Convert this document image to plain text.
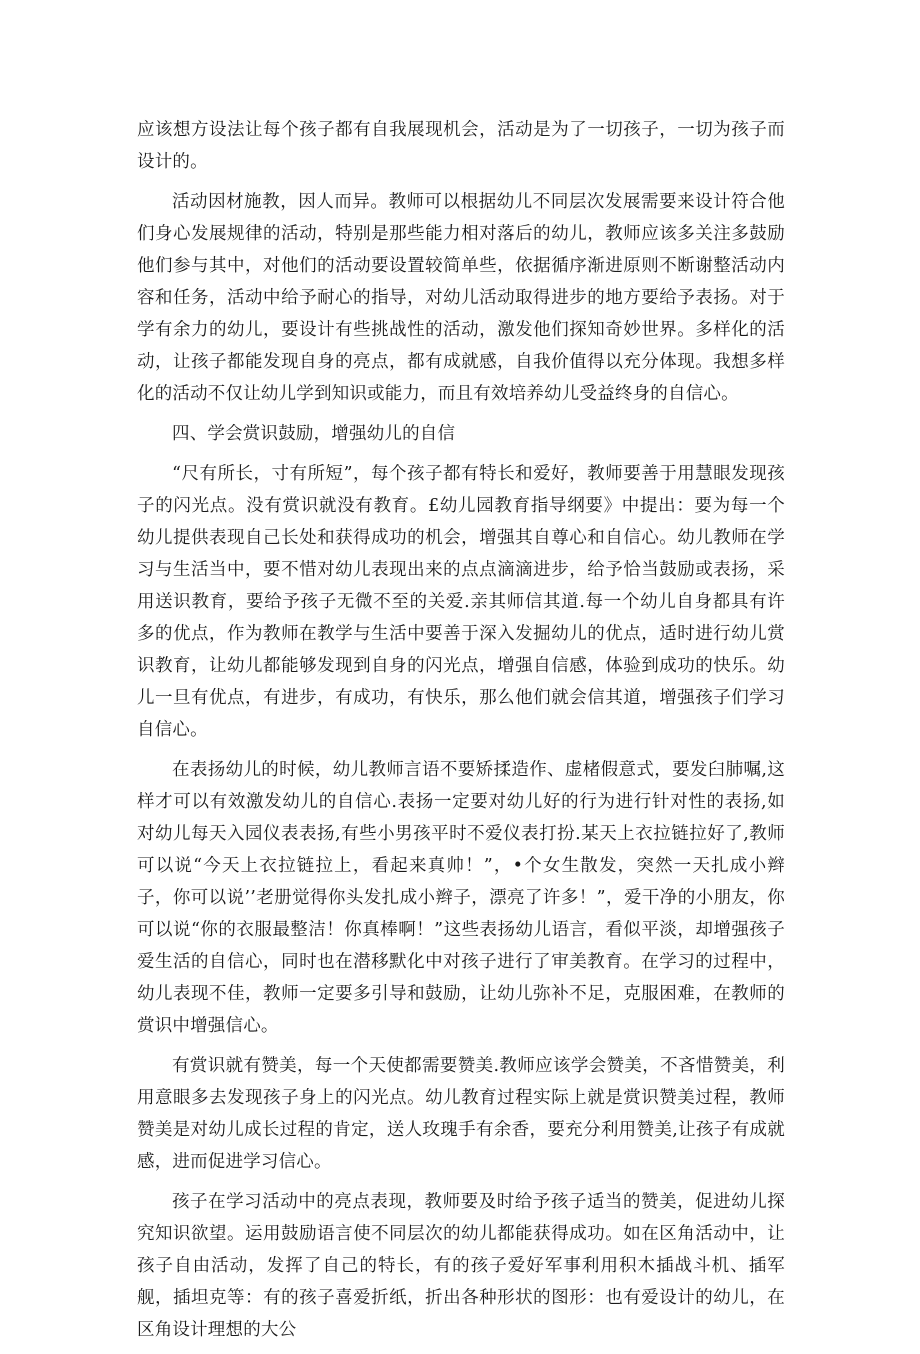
应该想方设法让每个孩子都有自我展现机会，活动是为了一切孩子，一切为孩子而设计的。

活动因材施教，因人而异。教师可以根据幼儿不同层次发展需要来设计符合他们身心发展规律的活动，特别是那些能力相对落后的幼儿，教师应该多关注多鼓励他们参与其中，对他们的活动要设置较简单些，依据循序渐进原则不断谢整活动内容和任务，活动中给予耐心的指导，对幼儿活动取得进步的地方要给予表扬。对于学有余力的幼儿，要设计有些挑战性的活动，激发他们探知奇妙世界。多样化的活动，让孩子都能发现自身的亮点，都有成就感，自我价值得以充分体现。我想多样化的活动不仅让幼儿学到知识或能力，而且有效培养幼儿受益终身的自信心。

四、学会赏识鼓励，增强幼儿的自信

“尺有所长，寸有所短”，每个孩子都有特长和爱好，教师要善于用慧眼发现孩子的闪光点。没有赏识就没有教育。£幼儿园教育指导纲要》中提出：要为每一个幼儿提供表现自己长处和获得成功的机会，增强其自尊心和自信心。幼儿教师在学习与生活当中，要不惜对幼儿表现出来的点点滴滴进步，给予恰当鼓励或表扬，采用送识教育，要给予孩子无微不至的关爱.亲其师信其道.每一个幼儿自身都具有许多的优点，作为教师在教学与生活中要善于深入发掘幼儿的优点，适时进行幼儿赏识教育，让幼儿都能够发现到自身的闪光点，增强自信感，体验到成功的快乐。幼儿一旦有优点，有进步，有成功，有快乐，那么他们就会信其道，增强孩子们学习自信心。

在表扬幼儿的时候，幼儿教师言语不要矫揉造作、虚楮假意式，要发臼肺嘱,这样才可以有效激发幼儿的自信心.表扬一定要对幼儿好的行为进行针对性的表扬,如对幼儿每天入园仪表表扬,有些小男孩平时不爱仪表打扮.某天上衣拉链拉好了,教师可以说“今天上衣拉链拉上，看起来真帅！”，•个女生散发，突然一天扎成小辫子，你可以说’’老册觉得你头发扎成小辫子，漂亮了许多！”，爱干净的小朋友，你可以说“你的衣服最整洁！你真棒啊！”这些表扬幼儿语言，看似平淡，却增强孩子爱生活的自信心，同时也在潜移默化中对孩子进行了审美教育。在学习的过程中，幼儿表现不佳，教师一定要多引导和鼓励，让幼儿弥补不足，克服困难，在教师的赏识中增强信心。

有赏识就有赞美，每一个天使都需要赞美.教师应该学会赞美，不吝惜赞美，利用意眼多去发现孩子身上的闪光点。幼儿教育过程实际上就是赏识赞美过程，教师赞美是对幼儿成长过程的肯定，送人玫瑰手有余香，要充分利用赞美,让孩子有成就感，进而促进学习信心。

孩子在学习活动中的亮点表现，教师要及时给予孩子适当的赞美，促进幼儿探究知识欲望。运用鼓励语言使不同层次的幼儿都能获得成功。如在区角活动中，让孩子自由活动，发挥了自己的特长，有的孩子爱好军事利用积木插战斗机、插军舰，插坦克等：有的孩子喜爱折纸，折出各种形状的图形：也有爱设计的幼儿，在区角设计理想的大公
